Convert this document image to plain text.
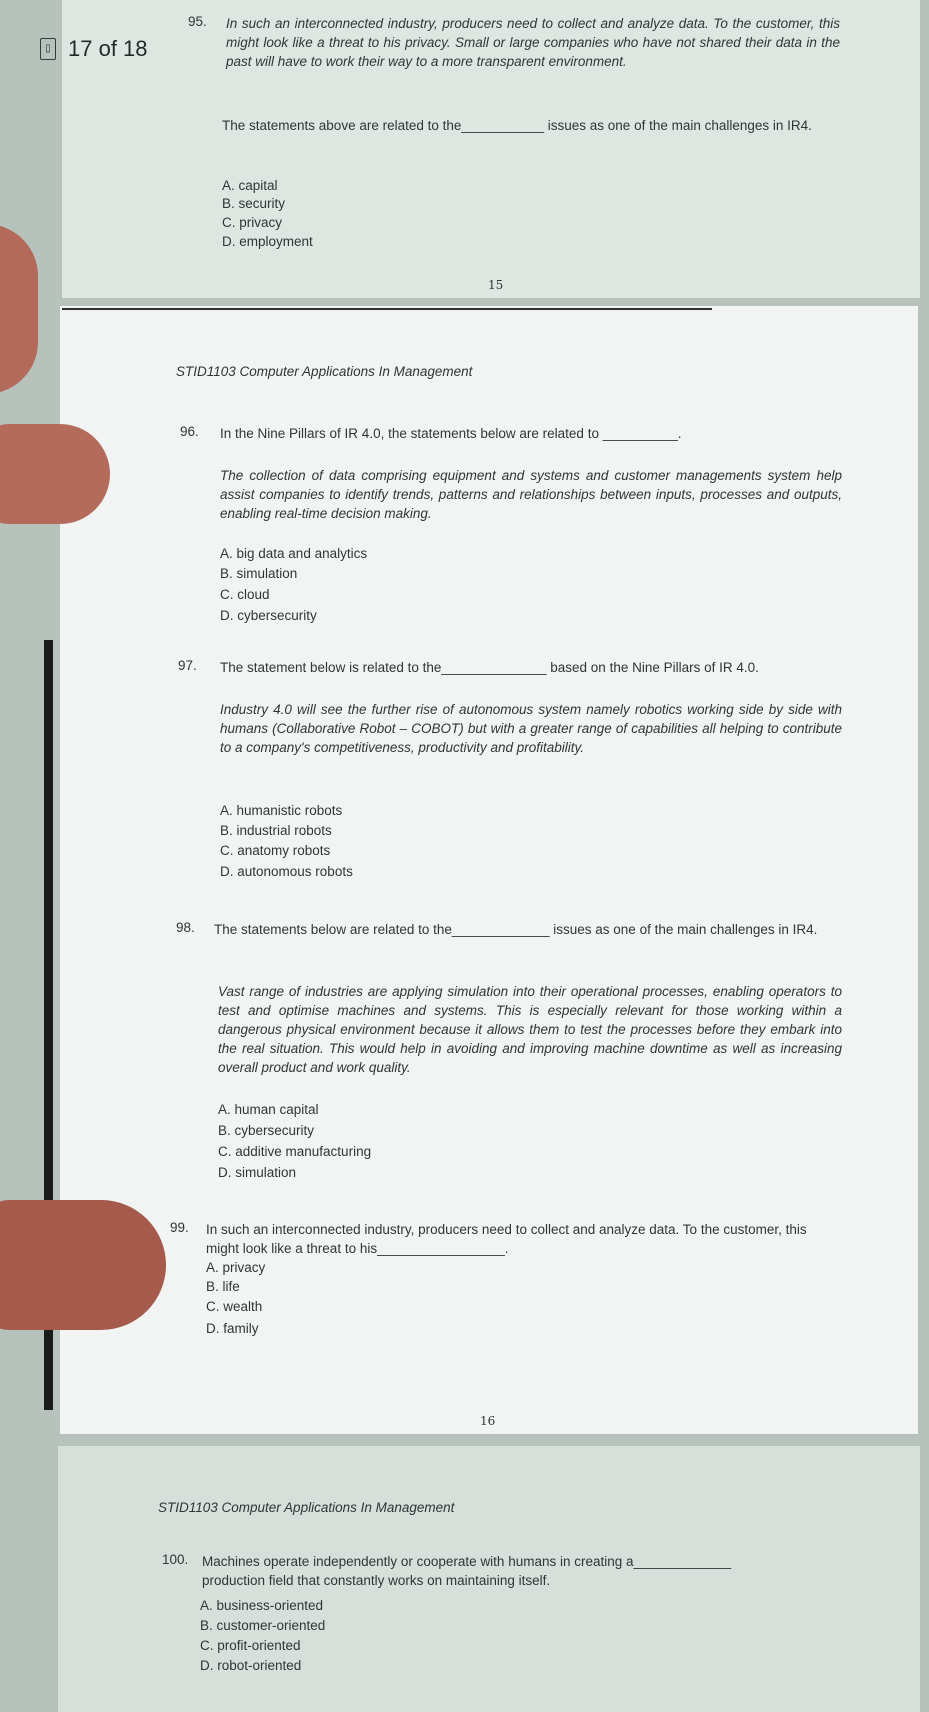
▯ 17 of 18
95. In such an interconnected industry, producers need to collect and analyze data. To the customer, this might look like a threat to his privacy. Small or large companies who have not shared their data in the past will have to work their way to a more transparent environment.
The statements above are related to the___________ issues as one of the main challenges in IR4.
A. capital
B. security
C. privacy
D. employment
15
STID1103 Computer Applications In Management
96. In the Nine Pillars of IR 4.0, the statements below are related to __________.
The collection of data comprising equipment and systems and customer managements system help assist companies to identify trends, patterns and relationships between inputs, processes and outputs, enabling real-time decision making.
A. big data and analytics
B. simulation
C. cloud
D. cybersecurity
97. The statement below is related to the______________ based on the Nine Pillars of IR 4.0.
Industry 4.0 will see the further rise of autonomous system namely robotics working side by side with humans (Collaborative Robot – COBOT) but with a greater range of capabilities all helping to contribute to a company's competitiveness, productivity and profitability.
A. humanistic robots
B. industrial robots
C. anatomy robots
D. autonomous robots
98. The statements below are related to the_____________ issues as one of the main challenges in IR4.
Vast range of industries are applying simulation into their operational processes, enabling operators to test and optimise machines and systems. This is especially relevant for those working within a dangerous physical environment because it allows them to test the processes before they embark into the real situation. This would help in avoiding and improving machine downtime as well as increasing overall product and work quality.
A. human capital
B. cybersecurity
C. additive manufacturing
D. simulation
99. In such an interconnected industry, producers need to collect and analyze data. To the customer, this might look like a threat to his_________________.
A. privacy
B. life
C. wealth
D. family
16
STID1103 Computer Applications In Management
100. Machines operate independently or cooperate with humans in creating a_____________
production field that constantly works on maintaining itself.
A. business-oriented
B. customer-oriented
C. profit-oriented
D. robot-oriented
